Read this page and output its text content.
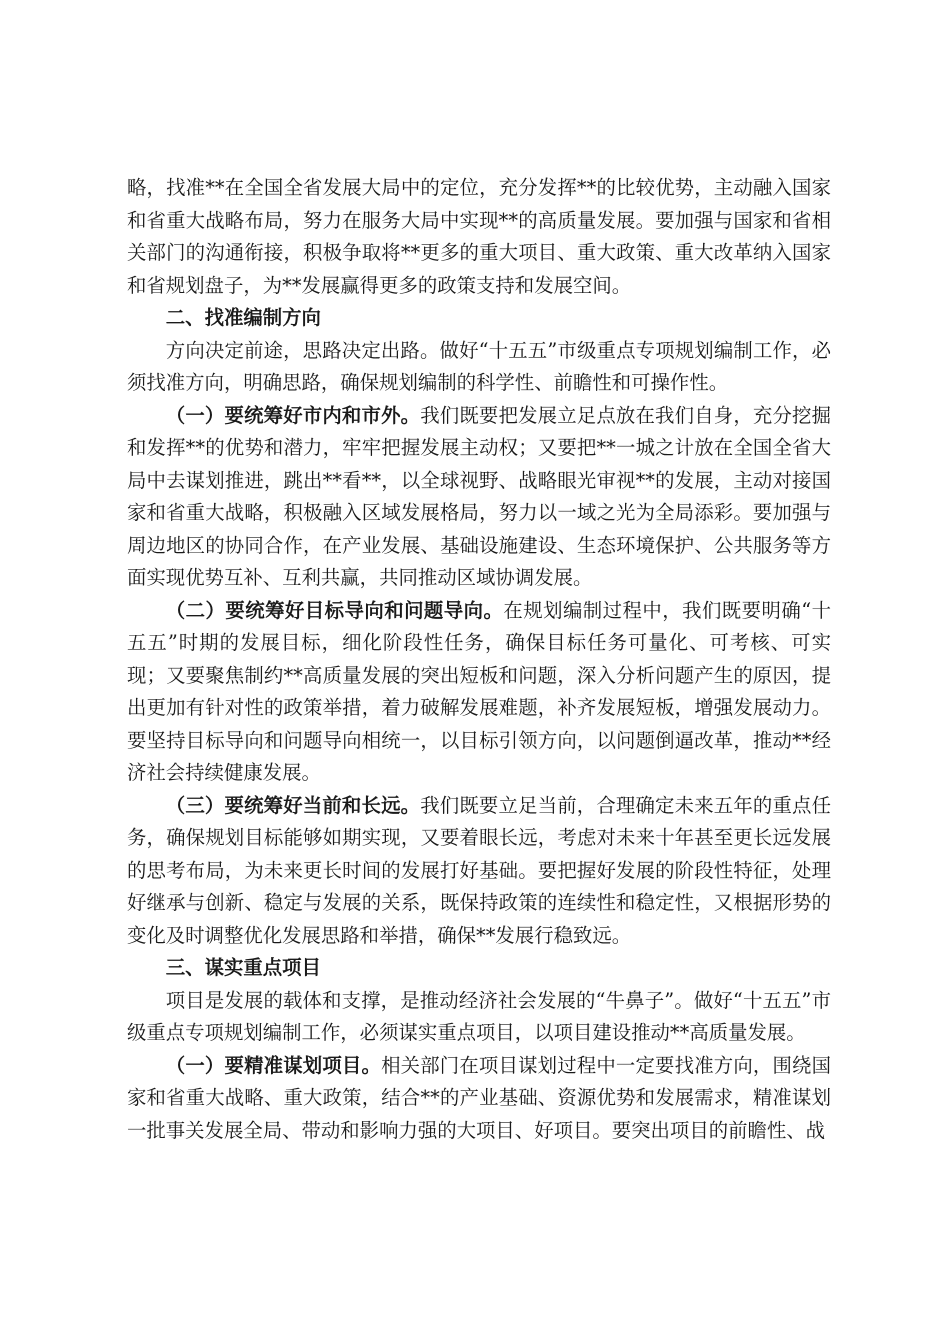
略，找准**在全国全省发展大局中的定位，充分发挥**的比较优势，主动融入国家和省重大战略布局，努力在服务大局中实现**的高质量发展。要加强与国家和省相关部门的沟通衔接，积极争取将**更多的重大项目、重大政策、重大改革纳入国家和省规划盘子，为**发展赢得更多的政策支持和发展空间。

二、找准编制方向

方向决定前途，思路决定出路。做好“十五五”市级重点专项规划编制工作，必须找准方向，明确思路，确保规划编制的科学性、前瞻性和可操作性。

（一）要统筹好市内和市外。我们既要把发展立足点放在我们自身，充分挖掘和发挥**的优势和潜力，牢牢把握发展主动权；又要把**一城之计放在全国全省大局中去谋划推进，跳出**看**，以全球视野、战略眼光审视**的发展，主动对接国家和省重大战略，积极融入区域发展格局，努力以一域之光为全局添彩。要加强与周边地区的协同合作，在产业发展、基础设施建设、生态环境保护、公共服务等方面实现优势互补、互利共赢，共同推动区域协调发展。

（二）要统筹好目标导向和问题导向。在规划编制过程中，我们既要明确“十五五”时期的发展目标，细化阶段性任务，确保目标任务可量化、可考核、可实现；又要聚焦制约**高质量发展的突出短板和问题，深入分析问题产生的原因，提出更加有针对性的政策举措，着力破解发展难题，补齐发展短板，增强发展动力。要坚持目标导向和问题导向相统一，以目标引领方向，以问题倒逼改革，推动**经济社会持续健康发展。

（三）要统筹好当前和长远。我们既要立足当前，合理确定未来五年的重点任务，确保规划目标能够如期实现，又要着眼长远，考虑对未来十年甚至更长远发展的思考布局，为未来更长时间的发展打好基础。要把握好发展的阶段性特征，处理好继承与创新、稳定与发展的关系，既保持政策的连续性和稳定性，又根据形势的变化及时调整优化发展思路和举措，确保**发展行稳致远。

三、谋实重点项目

项目是发展的载体和支撑，是推动经济社会发展的“牛鼻子”。做好“十五五”市级重点专项规划编制工作，必须谋实重点项目，以项目建设推动**高质量发展。

（一）要精准谋划项目。相关部门在项目谋划过程中一定要找准方向，围绕国家和省重大战略、重大政策，结合**的产业基础、资源优势和发展需求，精准谋划一批事关发展全局、带动和影响力强的大项目、好项目。要突出项目的前瞻性、战
